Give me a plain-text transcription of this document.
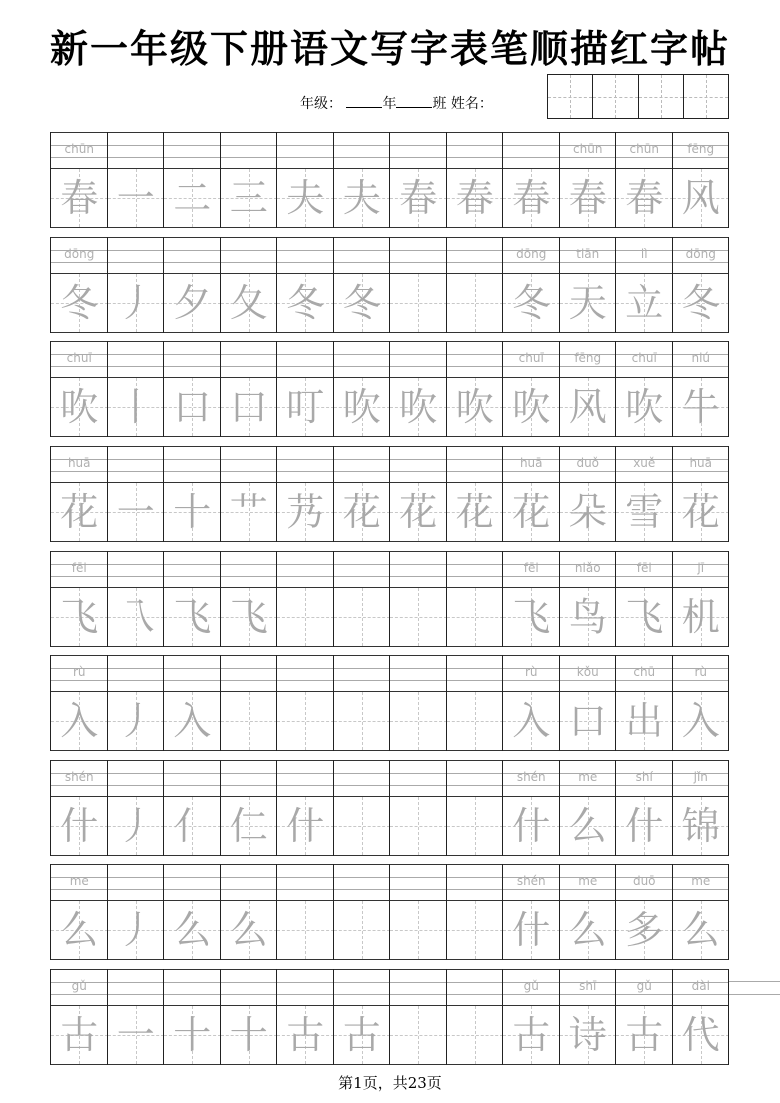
新一年级下册语文写字表笔顺描红字帖
年级：	年	班 姓名：
chūn
春 一 二 三 夫 夫 春 春 春
chūn
春
chūn
春
fēng
风
dōng
冬 丿 夕 夂 冬 冬
dōng
冬
tiān
天
lì
立
dōng
冬
chuī
吹 丨 口 口 叮 吹 吹 吹
chuī
吹
fēng
风
chuī
吹
niú
牛
huā
花 一 十 艹 艿 花 花 花
huā
花
duǒ
朵
xuě
雪
huā
花
fēi
飞 乁 飞 飞
fēi
飞
niǎo
鸟
fēi
飞
jī
机
rù
入 丿 入
rù
入
kǒu
口
chū
出
rù
入
shén
什 丿 亻 仁 什
shén
什
me
么
shí
什
jǐn
锦
me
么 丿 么 么
shén
什
me
么
duō
多
me
么
gǔ
古 一 十 十 古 古
gǔ
古
shī
诗
gǔ
古
dài
代
第1页，共23页
